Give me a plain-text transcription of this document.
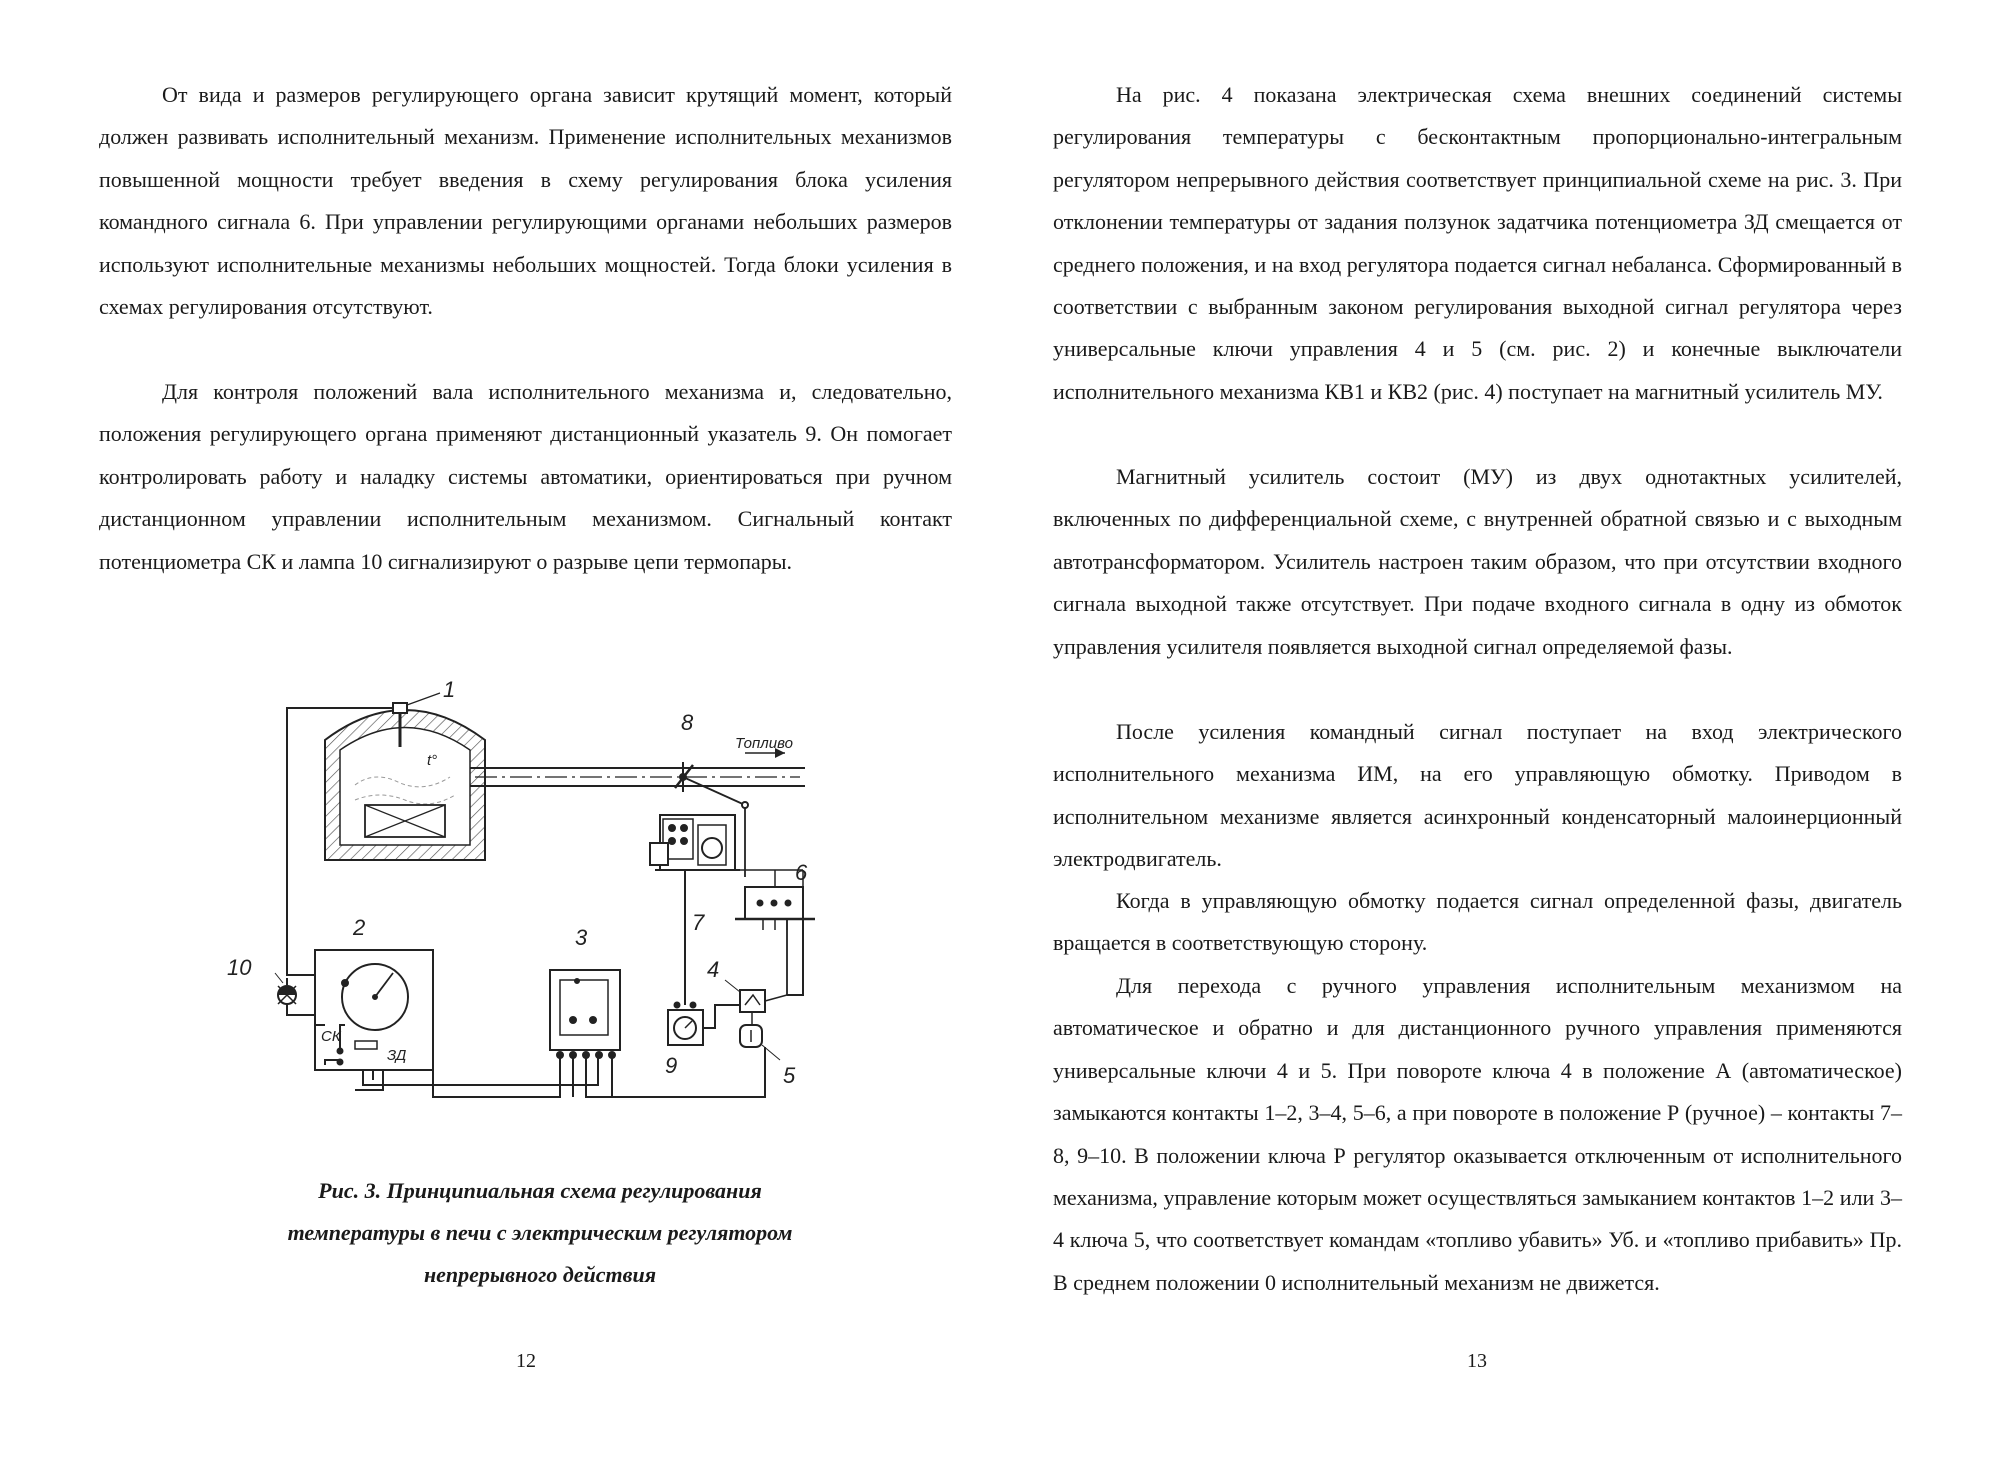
От вида и размеров регулирующего органа зависит крутящий момент, который должен развивать исполнительный механизм. Применение исполнительных механизмов повышенной мощности требует введения в схему регулирования блока усиления командного сигнала 6. При управлении регулирующими органами небольших размеров используют исполнительные механизмы небольших мощностей. Тогда блоки усиления в схемах регулирования отсутствуют.

Для контроля положений вала исполнительного механизма и, следовательно, положения регулирующего органа применяют дистанционный указатель 9. Он помогает контролировать работу и наладку системы автоматики, ориентироваться при ручном дистанционном управлении исполнительным механизмом. Сигнальный контакт потенциометра СК и лампа 10 сигнализируют о разрыве цепи термопары.

1
t°
Топливо
8
7
6
9
4
5
3
2
СК
ЗД
10
Рис. 3. Принципиальная схема регулирования
температуры в печи с электрическим регулятором
непрерывного действия
12

На рис. 4 показана электрическая схема внешних соединений системы регулирования температуры с бесконтактным пропорционально-интегральным регулятором непрерывного действия соответствует принципиальной схеме на рис. 3. При отклонении температуры от задания ползунок задатчика потенциометра ЗД смещается от среднего положения, и на вход регулятора подается сигнал небаланса. Сформированный в соответствии с выбранным законом регулирования выходной сигнал регулятора через универсальные ключи управления 4 и 5 (см. рис. 2) и конечные выключатели исполнительного механизма КВ1 и КВ2 (рис. 4) поступает на магнитный усилитель МУ.

Магнитный усилитель состоит (МУ) из двух однотактных усилителей, включенных по дифференциальной схеме, с внутренней обратной связью и с выходным автотрансформатором. Усилитель настроен таким образом, что при отсутствии входного сигнала выходной также отсутствует. При подаче входного сигнала в одну из обмоток управления усилителя появляется выходной сигнал определяемой фазы.

После усиления командный сигнал поступает на вход электрического исполнительного механизма ИМ, на его управляющую обмотку. Приводом в исполнительном механизме является асинхронный конденсаторный малоинерционный электродвигатель.

Когда в управляющую обмотку подается сигнал определенной фазы, двигатель вращается в соответствующую сторону.

Для перехода с ручного управления исполнительным механизмом на автоматическое и обратно и для дистанционного ручного управления применяются универсальные ключи 4 и 5. При повороте ключа 4 в положение А (автоматическое) замыкаются контакты 1–2, 3–4, 5–6, а при повороте в положение Р (ручное) – контакты 7–8, 9–10. В положении ключа Р регулятор оказывается отключенным от исполнительного механизма, управление которым может осуществляться замыканием контактов 1–2 или 3–4 ключа 5, что соответствует командам «топливо убавить» Уб. и «топливо прибавить» Пр. В среднем положении 0 исполнительный механизм не движется.

13
